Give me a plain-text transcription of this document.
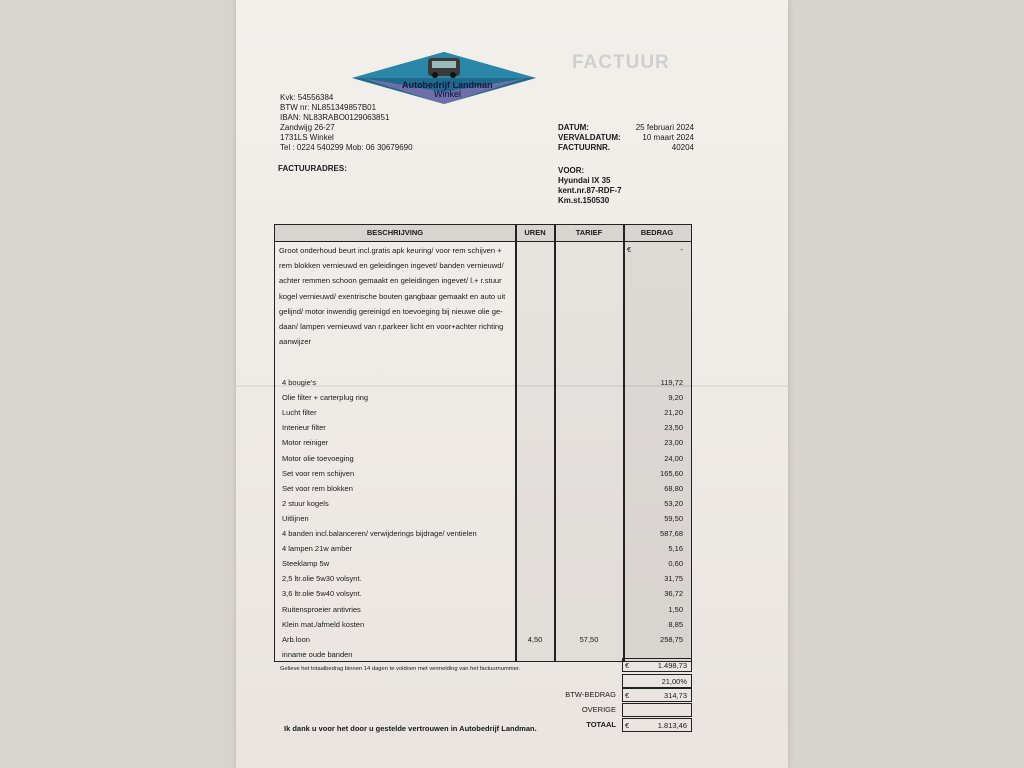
FACTUUR
Autobedrijf Landman
Winkel
Kvk: 54556384
BTW nr: NL851349857B01
IBAN: NL83RABO0129063851
Zandwijg 26-27
1731LS Winkel
Tel : 0224 540299 Mob: 06 30679690
DATUM:	25 februari 2024
VERVALDATUM:	10 maart 2024
FACTUURNR.	40204
FACTUURADRES:	VOOR:
Hyundai IX 35
kent.nr.87-RDF-7
Km.st.150530
BESCHRIJVING	UREN	TARIEF	BEDRAG
€	-
Groot onderhoud beurt incl.gratis apk keuring/ voor rem schijven +
rem blokken vernieuwd en geleidingen ingevet/ banden vernieuwd/
achter remmen schoon gemaakt en geleidingen ingevet/ l.+ r.stuur
kogel vernieuwd/ exentrische bouten gangbaar gemaakt en auto uit
gelijnd/ motor inwendig gereinigd en toevoeging bij nieuwe olie ge-
daan/ lampen vernieuwd van r.parkeer licht en voor+achter richting
aanwijzer
4 bougie's	119,72
Olie filter + carterplug ring	9,20
Lucht filter	21,20
Interieur filter	23,50
Motor reiniger	23,00
Motor olie toevoeging	24,00
Set voor rem schijven	165,60
Set voor rem blokken	68,80
2 stuur kogels	53,20
Uitlijnen	59,50
4 banden incl.balanceren/ verwijderings bijdrage/ ventielen	587,68
4 lampen 21w amber	5,16
Steeklamp 5w	0,60
2,5 ltr.olie 5w30 volsynt.	31,75
3,6 ltr.olie 5w40 volsynt.	36,72
Ruitensproeier antivries	1,50
Klein mat./afmeld kosten	8,85
Arb.loon	4,50	57,50	258,75
inname oude banden
Gelieve het totaalbedrag binnen 14 dagen te voldoen met vermelding van het factuurnummer.	€	1.498,73
21,00%
BTW-BEDRAG €	314,73
OVERIGE
TOTAAL €	1.813,46
Ik dank u voor het door u gestelde vertrouwen in Autobedrijf Landman.
